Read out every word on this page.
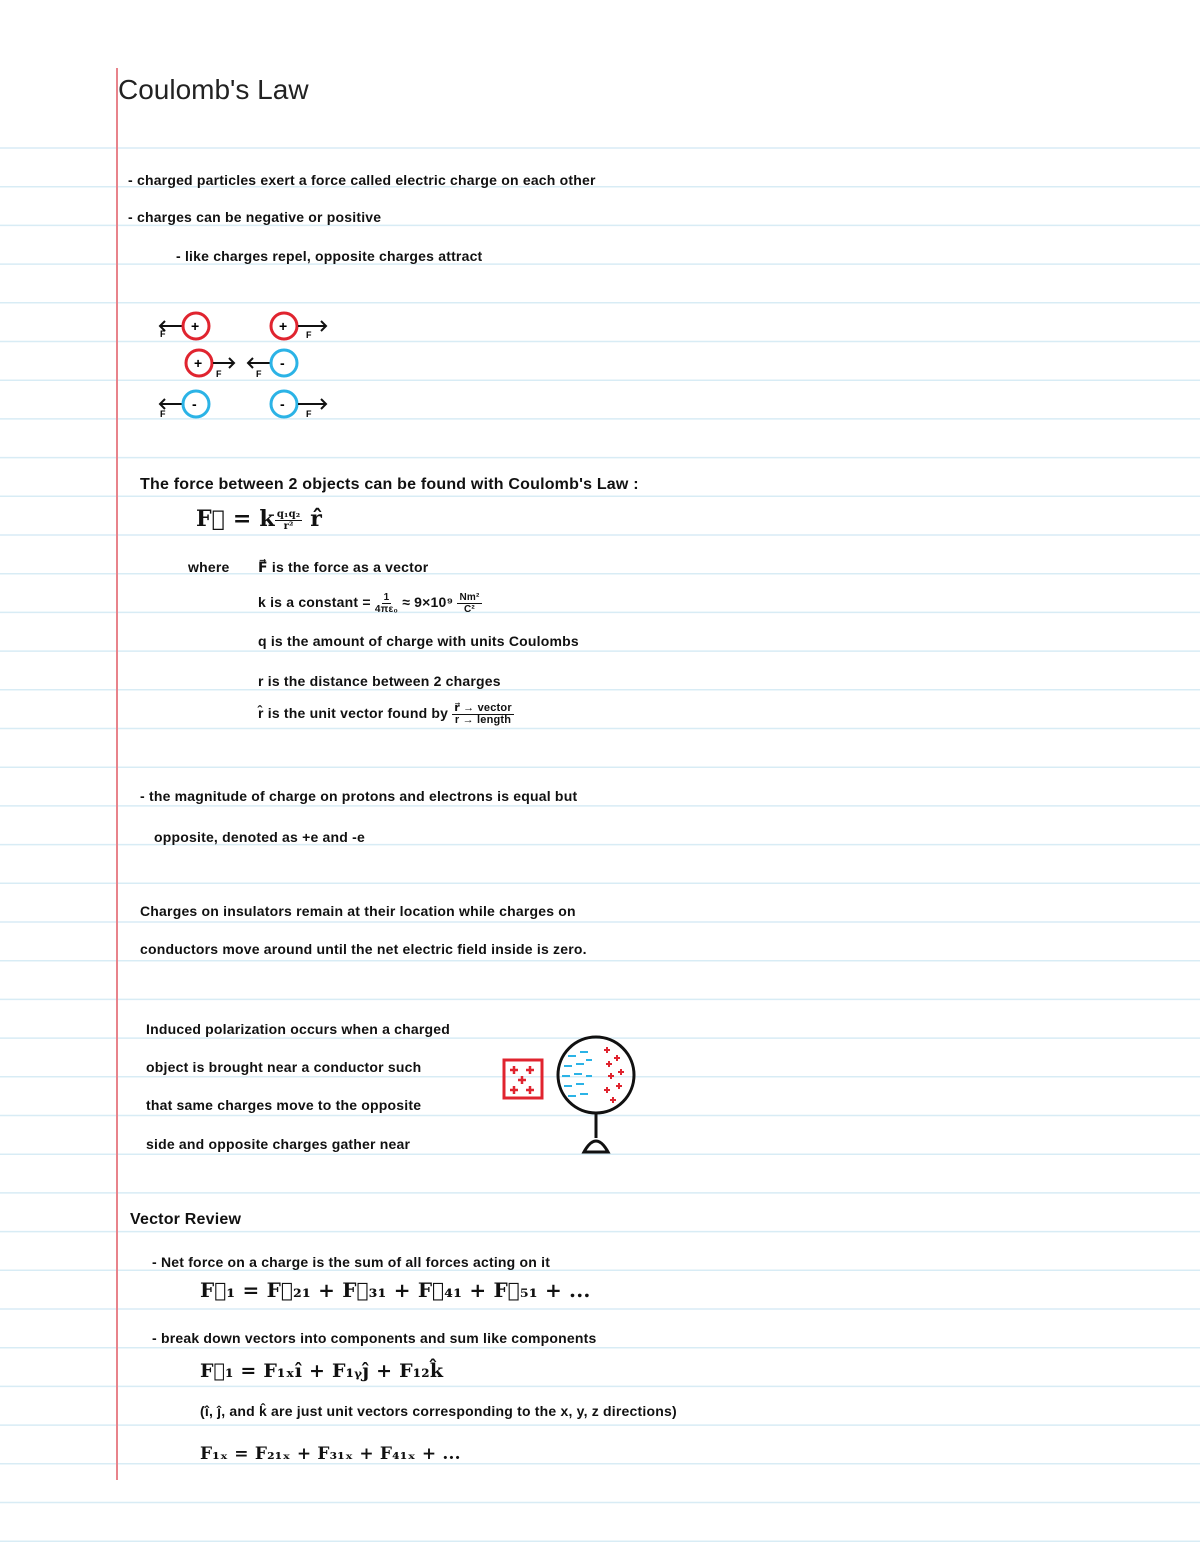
Coulomb's Law
- charged particles exert a force called electric charge on each other
- charges can be negative or positive
- like charges repel, opposite charges attract
F +	+
F
+
F	F
-
F
-	-
F
The force between 2 objects can be found with Coulomb's Law :
F⃗ = k $\frac{\text{q₁q₂}}{\text{r²}}$ r̂
where F⃗ is the force as a vector
k is a constant = $\frac{1}{\text{4πε₀}} \approx 9\times 10^9 \frac{\text{Nm²}}{\text{C²}}$
q is the amount of charge with units Coulombs
r is the distance between 2 charges
r̂ is the unit vector found by $\frac{\text{r⃗ → vector}}{\text{r → length}}$
- the magnitude of charge on protons and electrons is equal but
opposite, denoted as +e and -e
Charges on insulators remain at their location while charges on
conductors move around until the net electric field inside is zero.
Induced polarization occurs when a charged
object is brought near a conductor such
that same charges move to the opposite
side and opposite charges gather near
Vector Review
- Net force on a charge is the sum of all forces acting on it
F⃗₁ = F⃗₂₁ + F⃗₃₁ + F⃗₄₁ + F⃗₅₁ + ...
- break down vectors into components and sum like components
F⃗₁ = F₁ₓî + F₁ᵧĵ + F₁₂k̂
(î, ĵ, and k̂ are just unit vectors corresponding to the x, y, z directions)
F₁ₓ = F₂₁ₓ + F₃₁ₓ + F₄₁ₓ + ...
